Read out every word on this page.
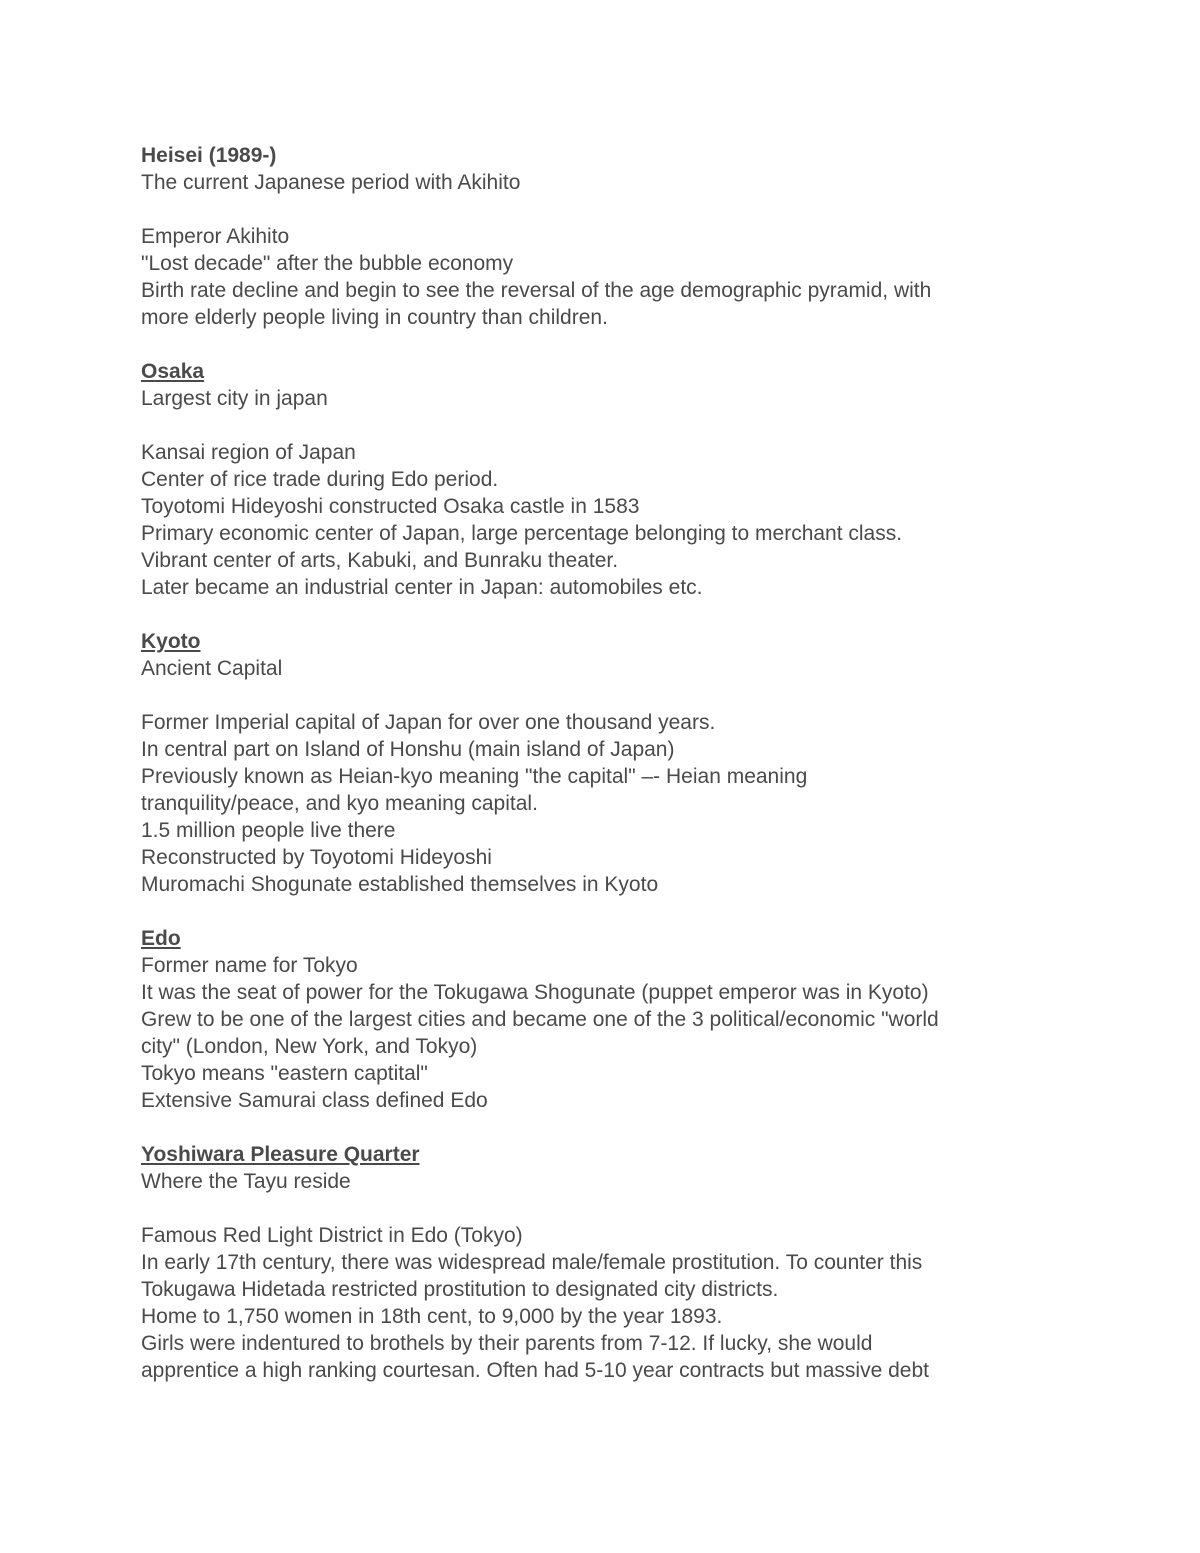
Heisei (1989-)
The current Japanese period with Akihito
Emperor Akihito
"Lost decade" after the bubble economy
Birth rate decline and begin to see the reversal of the age demographic pyramid, with
more elderly people living in country than children.
Osaka
Largest city in japan
Kansai region of Japan
Center of rice trade during Edo period.
Toyotomi Hideyoshi constructed Osaka castle in 1583
Primary economic center of Japan, large percentage belonging to merchant class.
Vibrant center of arts, Kabuki, and Bunraku theater.
Later became an industrial center in Japan: automobiles etc.
Kyoto
Ancient Capital
Former Imperial capital of Japan for over one thousand years.
In central part on Island of Honshu (main island of Japan)
Previously known as Heian-kyo meaning "the capital" –- Heian meaning
tranquility/peace, and kyo meaning capital.
1.5 million people live there
Reconstructed by Toyotomi Hideyoshi
Muromachi Shogunate established themselves in Kyoto
Edo
Former name for Tokyo
It was the seat of power for the Tokugawa Shogunate (puppet emperor was in Kyoto)
Grew to be one of the largest cities and became one of the 3 political/economic "world
city" (London, New York, and Tokyo)
Tokyo means "eastern captital"
Extensive Samurai class defined Edo
Yoshiwara Pleasure Quarter
Where the Tayu reside
Famous Red Light District in Edo (Tokyo)
In early 17th century, there was widespread male/female prostitution. To counter this
Tokugawa Hidetada restricted prostitution to designated city districts.
Home to 1,750 women in 18th cent, to 9,000 by the year 1893.
Girls were indentured to brothels by their parents from 7-12. If lucky, she would
apprentice a high ranking courtesan. Often had 5-10 year contracts but massive debt
